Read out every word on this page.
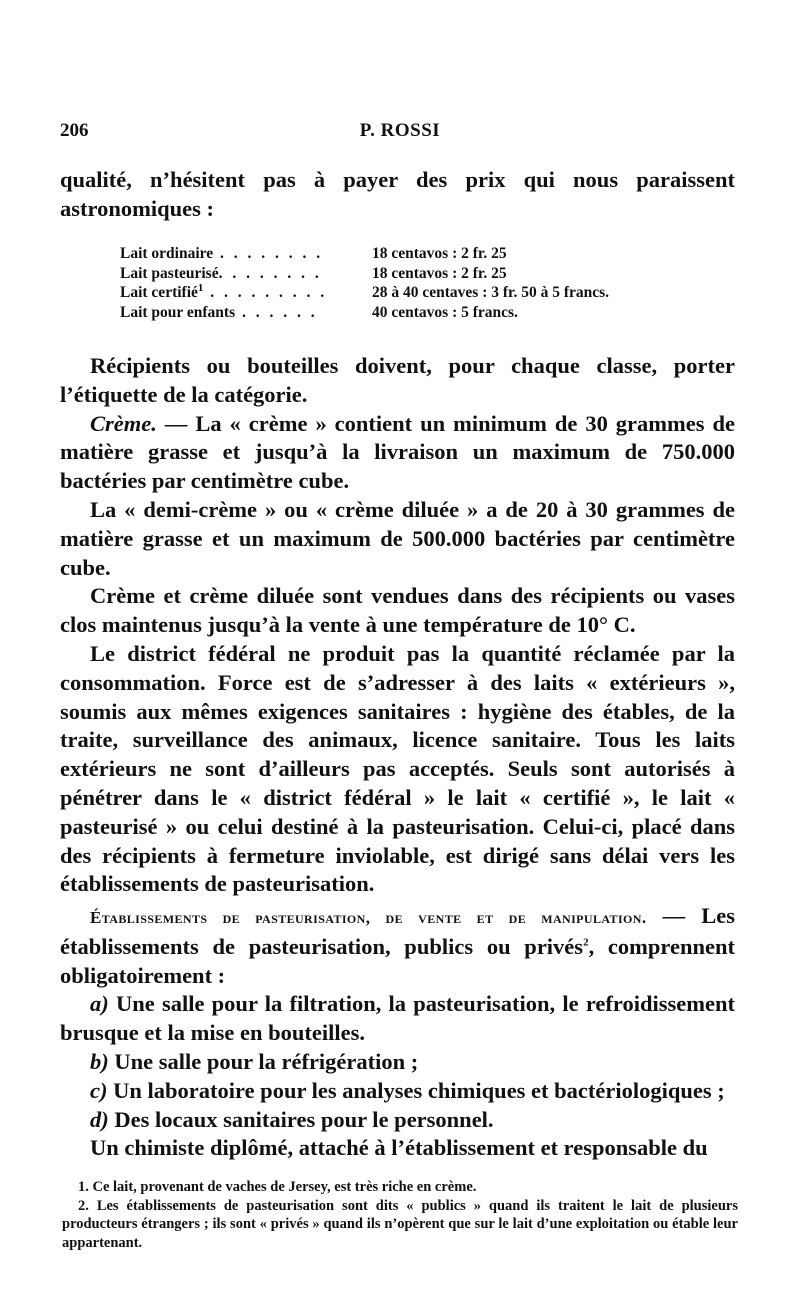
206	P. ROSSI

qualité, n’hésitent pas à payer des prix qui nous paraissent astronomiques :

Lait ordinaire . . . . . . . .	18 centavos : 2 fr. 25
Lait pasteurisé. . . . . . . .	18 centavos : 2 fr. 25
Lait certifié$^1$ . . . . . . . . .	28 à 40 centaves : 3 fr. 50 à 5 francs.
Lait pour enfants . . . . . .	40 centavos : 5 francs.

Récipients ou bouteilles doivent, pour chaque classe, porter l’étiquette de la catégorie.

Crème. — La « crème » contient un minimum de 30 grammes de matière grasse et jusqu’à la livraison un maximum de 750.000 bactéries par centimètre cube.

La « demi-crème » ou « crème diluée » a de 20 à 30 grammes de matière grasse et un maximum de 500.000 bactéries par centimètre cube.

Crème et crème diluée sont vendues dans des récipients ou vases clos maintenus jusqu’à la vente à une température de 10° C.

Le district fédéral ne produit pas la quantité réclamée par la consommation. Force est de s’adresser à des laits « extérieurs », soumis aux mêmes exigences sanitaires : hygiène des étables, de la traite, surveillance des animaux, licence sanitaire. Tous les laits extérieurs ne sont d’ailleurs pas acceptés. Seuls sont autorisés à pénétrer dans le « district fédéral » le lait « certifié », le lait « pasteurisé » ou celui destiné à la pasteurisation. Celui-ci, placé dans des récipients à fermeture inviolable, est dirigé sans délai vers les établissements de pasteurisation.

Établissements de pasteurisation, de vente et de manipulation. — Les établissements de pasteurisation, publics ou privés$^2$, comprennent obligatoirement :

a) Une salle pour la filtration, la pasteurisation, le refroidissement brusque et la mise en bouteilles.

b) Une salle pour la réfrigération ;

c) Un laboratoire pour les analyses chimiques et bactériologiques ;

d) Des locaux sanitaires pour le personnel.

Un chimiste diplômé, attaché à l’établissement et responsable du

1. Ce lait, provenant de vaches de Jersey, est très riche en crème.

2. Les établissements de pasteurisation sont dits « publics » quand ils traitent le lait de plusieurs producteurs étrangers ; ils sont « privés » quand ils n’opèrent que sur le lait d’une exploitation ou étable leur appartenant.
